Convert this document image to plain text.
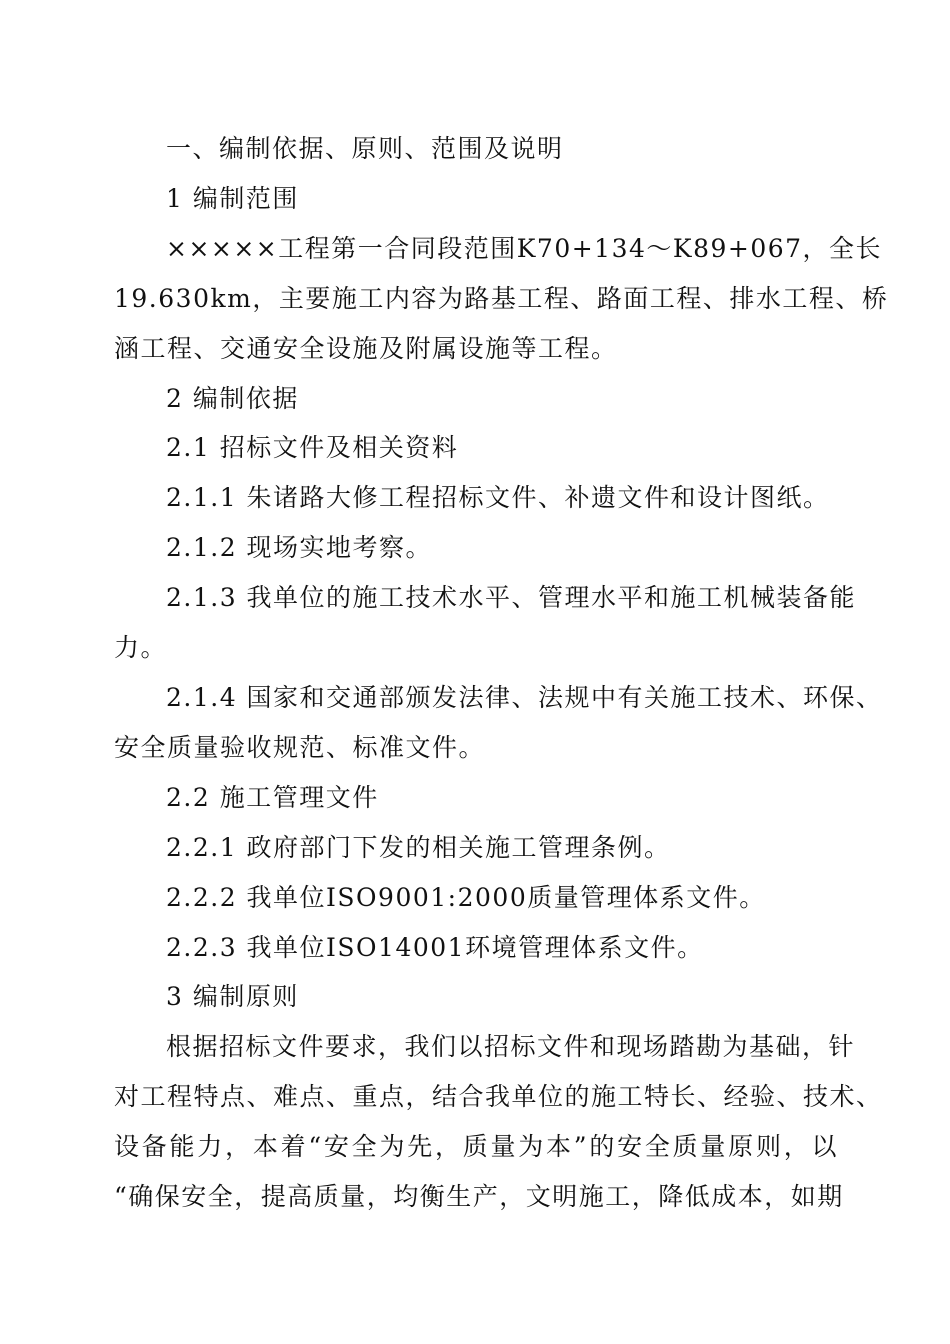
一、编制依据、原则、范围及说明

1 编制范围

×××××工程第一合同段范围K70+134～K89+067，全长

19.630km，主要施工内容为路基工程、路面工程、排水工程、桥

涵工程、交通安全设施及附属设施等工程。

2 编制依据

2.1 招标文件及相关资料

2.1.1 朱诸路大修工程招标文件、补遗文件和设计图纸。

2.1.2 现场实地考察。

2.1.3 我单位的施工技术水平、管理水平和施工机械装备能

力。

2.1.4 国家和交通部颁发法律、法规中有关施工技术、环保、

安全质量验收规范、标准文件。

2.2 施工管理文件

2.2.1 政府部门下发的相关施工管理条例。

2.2.2 我单位ISO9001:2000质量管理体系文件。

2.2.3 我单位ISO14001环境管理体系文件。

3 编制原则

根据招标文件要求，我们以招标文件和现场踏勘为基础，针

对工程特点、难点、重点，结合我单位的施工特长、经验、技术、

设备能力，本着“安全为先，质量为本”的安全质量原则，以

“确保安全，提高质量，均衡生产，文明施工，降低成本，如期
